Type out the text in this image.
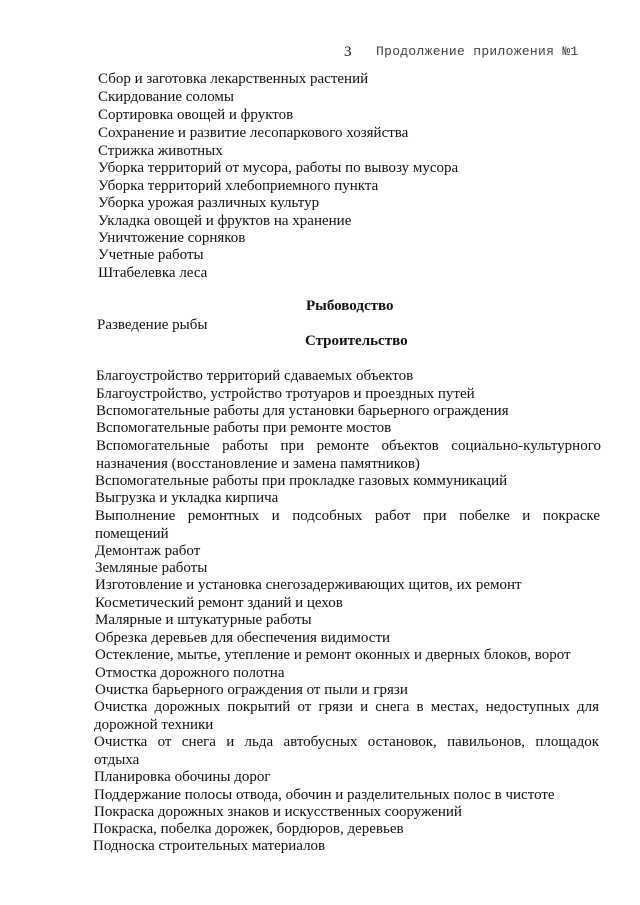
3 Продолжение приложения №1
Сбор и заготовка лекарственных растений
Скирдование соломы
Сортировка овощей и фруктов
Сохранение и развитие лесопаркового хозяйства
Стрижка животных
Уборка территорий от мусора, работы по вывозу мусора
Уборка территорий хлебоприемного пункта
Уборка урожая различных культур
Укладка овощей и фруктов на хранение
Уничтожение сорняков
Учетные работы
Штабелевка леса
Рыбоводство
Разведение рыбы
Строительство
Благоустройство территорий сдаваемых объектов
Благоустройство, устройство тротуаров и проездных путей
Вспомогательные работы для установки барьерного ограждения
Вспомогательные работы при ремонте мостов
Вспомогательные работы при ремонте объектов социально-культурного
назначения (восстановление и замена памятников)
Вспомогательные работы при прокладке газовых коммуникаций
Выгрузка и укладка кирпича
Выполнение ремонтных и подсобных работ при побелке и покраске
помещений
Демонтаж работ
Земляные работы
Изготовление и установка снегозадерживающих щитов, их ремонт
Косметический ремонт зданий и цехов
Малярные и штукатурные работы
Обрезка деревьев для обеспечения видимости
Остекление, мытье, утепление и ремонт оконных и дверных блоков, ворот
Отмостка дорожного полотна
Очистка барьерного ограждения от пыли и грязи
Очистка дорожных покрытий от грязи и снега в местах, недоступных для
дорожной техники
Очистка от снега и льда автобусных остановок, павильонов, площадок
отдыха
Планировка обочины дорог
Поддержание полосы отвода, обочин и разделительных полос в чистоте
Покраска дорожных знаков и искусственных сооружений
Покраска, побелка дорожек, бордюров, деревьев
Подноска строительных материалов
